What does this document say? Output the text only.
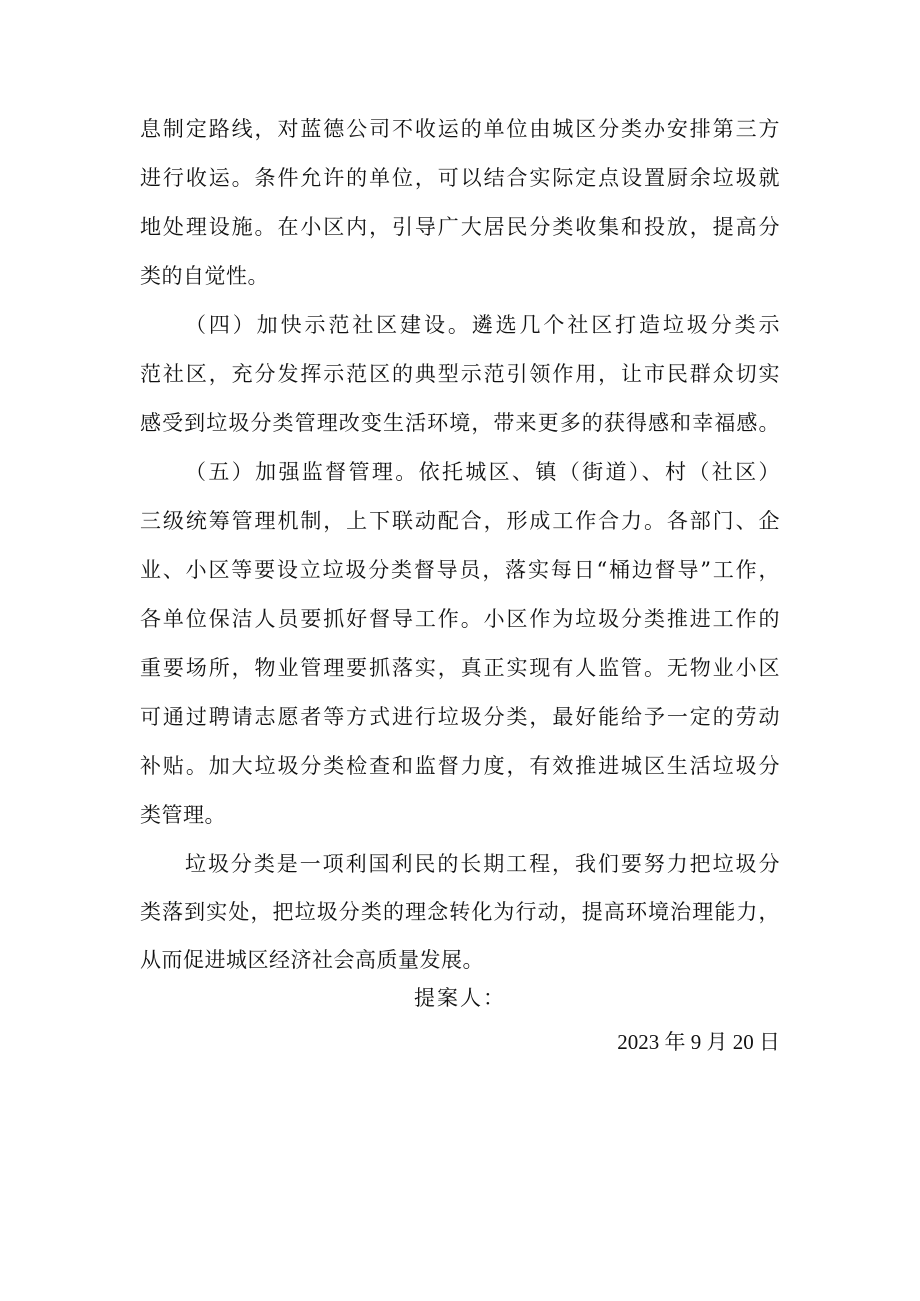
息制定路线，对蓝德公司不收运的单位由城区分类办安排第三方
进行收运。条件允许的单位，可以结合实际定点设置厨余垃圾就
地处理设施。在小区内，引导广大居民分类收集和投放，提高分
类的自觉性。
（四）加快示范社区建设。遴选几个社区打造垃圾分类示
范社区，充分发挥示范区的典型示范引领作用，让市民群众切实
感受到垃圾分类管理改变生活环境，带来更多的获得感和幸福感。
（五）加强监督管理。依托城区、镇（街道）、村（社区）
三级统筹管理机制，上下联动配合，形成工作合力。各部门、企
业、小区等要设立垃圾分类督导员，落实每日“桶边督导”工作，
各单位保洁人员要抓好督导工作。小区作为垃圾分类推进工作的
重要场所，物业管理要抓落实，真正实现有人监管。无物业小区
可通过聘请志愿者等方式进行垃圾分类，最好能给予一定的劳动
补贴。加大垃圾分类检查和监督力度，有效推进城区生活垃圾分
类管理。
垃圾分类是一项利国利民的长期工程，我们要努力把垃圾分
类落到实处，把垃圾分类的理念转化为行动，提高环境治理能力，
从而促进城区经济社会高质量发展。
提案人：
2023 年 9 月 20 日
